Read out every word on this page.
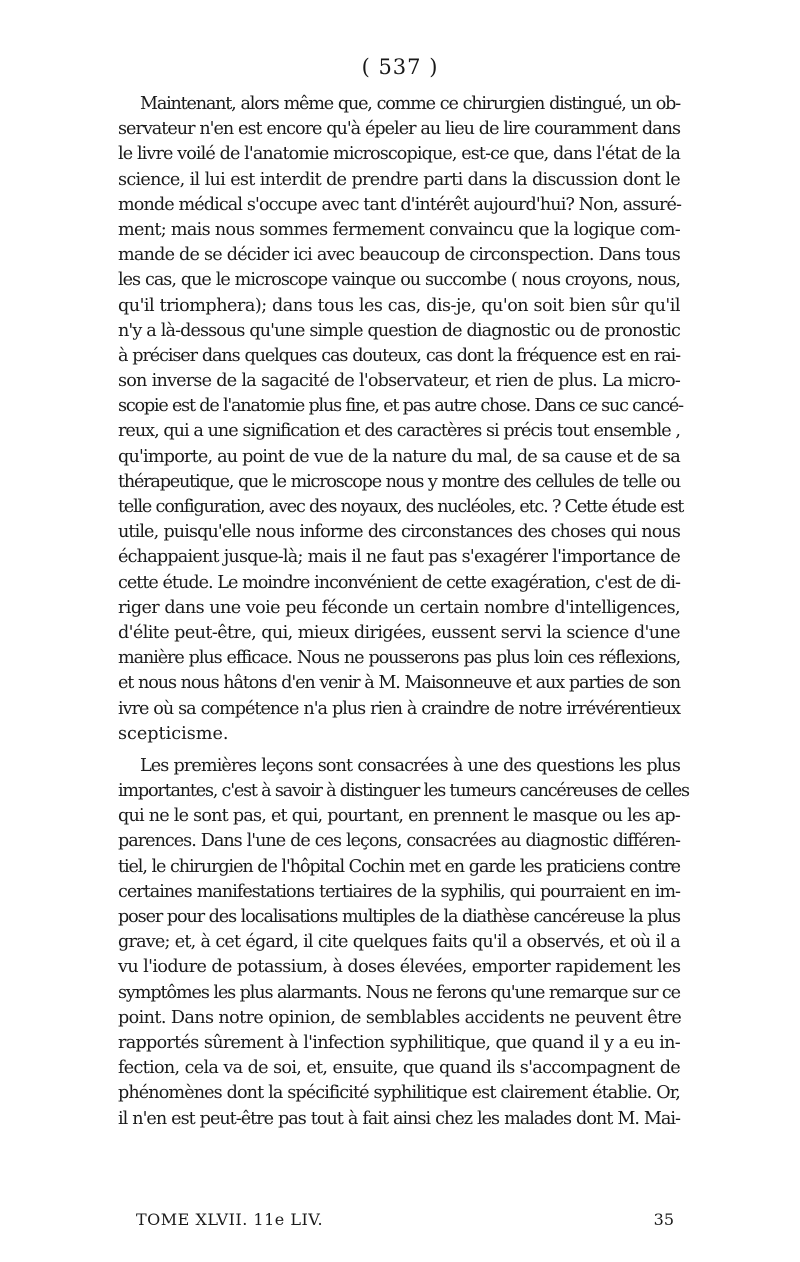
( 537 )
Maintenant, alors même que, comme ce chirurgien distingué, un ob-
servateur n'en est encore qu'à épeler au lieu de lire couramment dans
le livre voilé de l'anatomie microscopique, est-ce que, dans l'état de la
science, il lui est interdit de prendre parti dans la discussion dont le
monde médical s'occupe avec tant d'intérêt aujourd'hui? Non, assuré-
ment; mais nous sommes fermement convaincu que la logique com-
mande de se décider ici avec beaucoup de circonspection. Dans tous
les cas, que le microscope vainque ou succombe ( nous croyons, nous,
qu'il triomphera); dans tous les cas, dis-je, qu'on soit bien sûr qu'il
n'y a là-dessous qu'une simple question de diagnostic ou de pronostic
à préciser dans quelques cas douteux, cas dont la fréquence est en rai-
son inverse de la sagacité de l'observateur, et rien de plus. La micro-
scopie est de l'anatomie plus fine, et pas autre chose. Dans ce suc cancé-
reux, qui a une signification et des caractères si précis tout ensemble ,
qu'importe, au point de vue de la nature du mal, de sa cause et de sa
thérapeutique, que le microscope nous y montre des cellules de telle ou
telle configuration, avec des noyaux, des nucléoles, etc. ? Cette étude est
utile, puisqu'elle nous informe des circonstances des choses qui nous
échappaient jusque-là; mais il ne faut pas s'exagérer l'importance de
cette étude. Le moindre inconvénient de cette exagération, c'est de di-
riger dans une voie peu féconde un certain nombre d'intelligences,
d'élite peut-être, qui, mieux dirigées, eussent servi la science d'une
manière plus efficace. Nous ne pousserons pas plus loin ces réflexions,
et nous nous hâtons d'en venir à M. Maisonneuve et aux parties de son
ivre où sa compétence n'a plus rien à craindre de notre irrévérentieux
scepticisme.
Les premières leçons sont consacrées à une des questions les plus
importantes, c'est à savoir à distinguer les tumeurs cancéreuses de celles
qui ne le sont pas, et qui, pourtant, en prennent le masque ou les ap-
parences. Dans l'une de ces leçons, consacrées au diagnostic différen-
tiel, le chirurgien de l'hôpital Cochin met en garde les praticiens contre
certaines manifestations tertiaires de la syphilis, qui pourraient en im-
poser pour des localisations multiples de la diathèse cancéreuse la plus
grave; et, à cet égard, il cite quelques faits qu'il a observés, et où il a
vu l'iodure de potassium, à doses élevées, emporter rapidement les
symptômes les plus alarmants. Nous ne ferons qu'une remarque sur ce
point. Dans notre opinion, de semblables accidents ne peuvent être
rapportés sûrement à l'infection syphilitique, que quand il y a eu in-
fection, cela va de soi, et, ensuite, que quand ils s'accompagnent de
phénomènes dont la spécificité syphilitique est clairement établie. Or,
il n'en est peut-être pas tout à fait ainsi chez les malades dont M. Mai-
TOME XLVII. 11e LIV.	35
